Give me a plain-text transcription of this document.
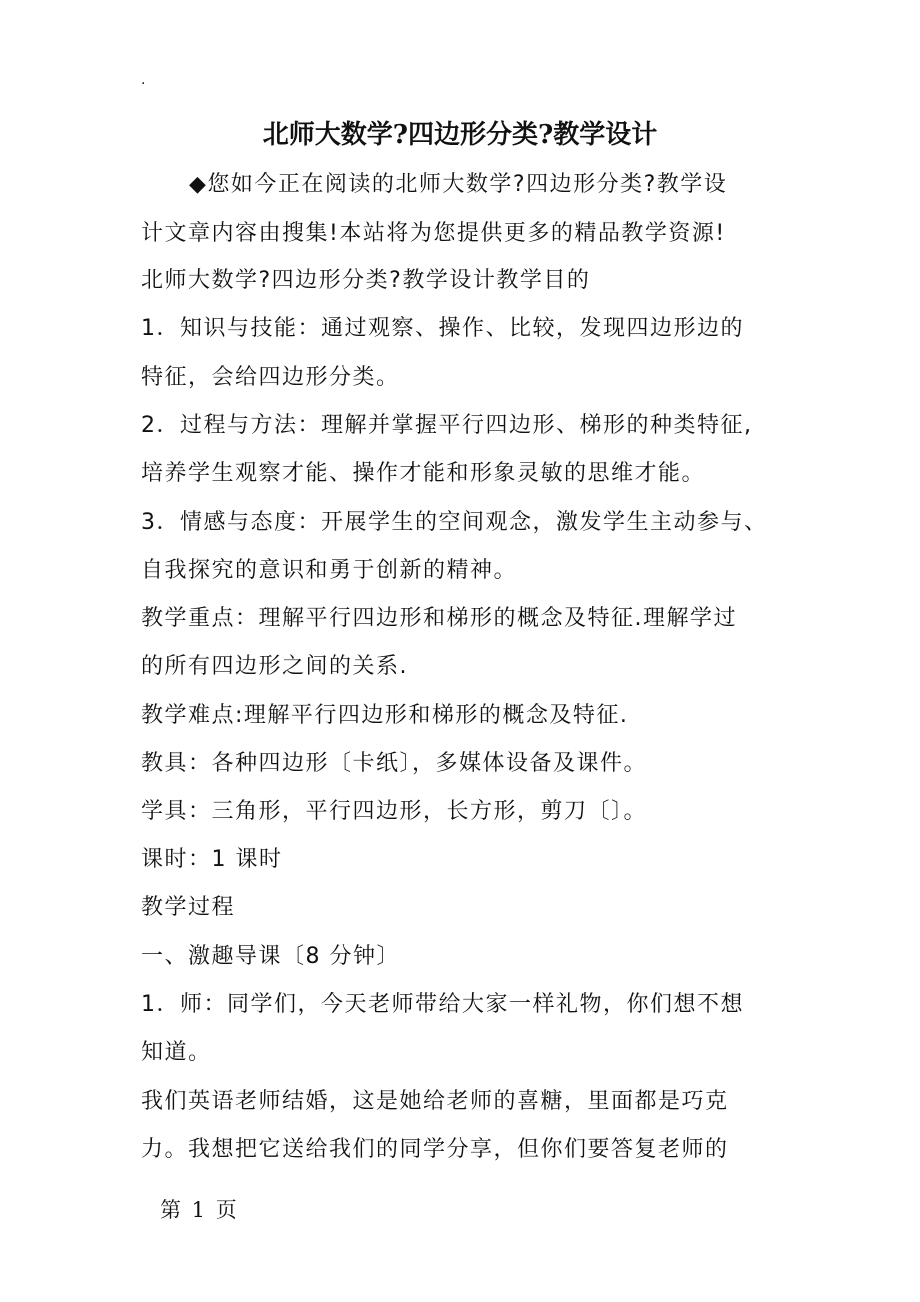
·
北师大数学?四边形分类?教学设计
◆您如今正在阅读的北师大数学?四边形分类?教学设
计文章内容由搜集!本站将为您提供更多的精品教学资源!
北师大数学?四边形分类?教学设计教学目的
1．知识与技能：通过观察、操作、比较，发现四边形边的
特征，会给四边形分类。
2．过程与方法：理解并掌握平行四边形、梯形的种类特征,
培养学生观察才能、操作才能和形象灵敏的思维才能。
3．情感与态度：开展学生的空间观念，激发学生主动参与、
自我探究的意识和勇于创新的精神。
教学重点：理解平行四边形和梯形的概念及特征.理解学过
的所有四边形之间的关系.
教学难点:理解平行四边形和梯形的概念及特征.
教具：各种四边形〔卡纸〕，多媒体设备及课件。
学具：三角形，平行四边形，长方形，剪刀〔〕。
课时：1 课时
教学过程
一、激趣导课〔8 分钟〕
1．师：同学们，今天老师带给大家一样礼物，你们想不想
知道。
我们英语老师结婚，这是她给老师的喜糖，里面都是巧克
力。我想把它送给我们的同学分享，但你们要答复老师的
第 1 页
